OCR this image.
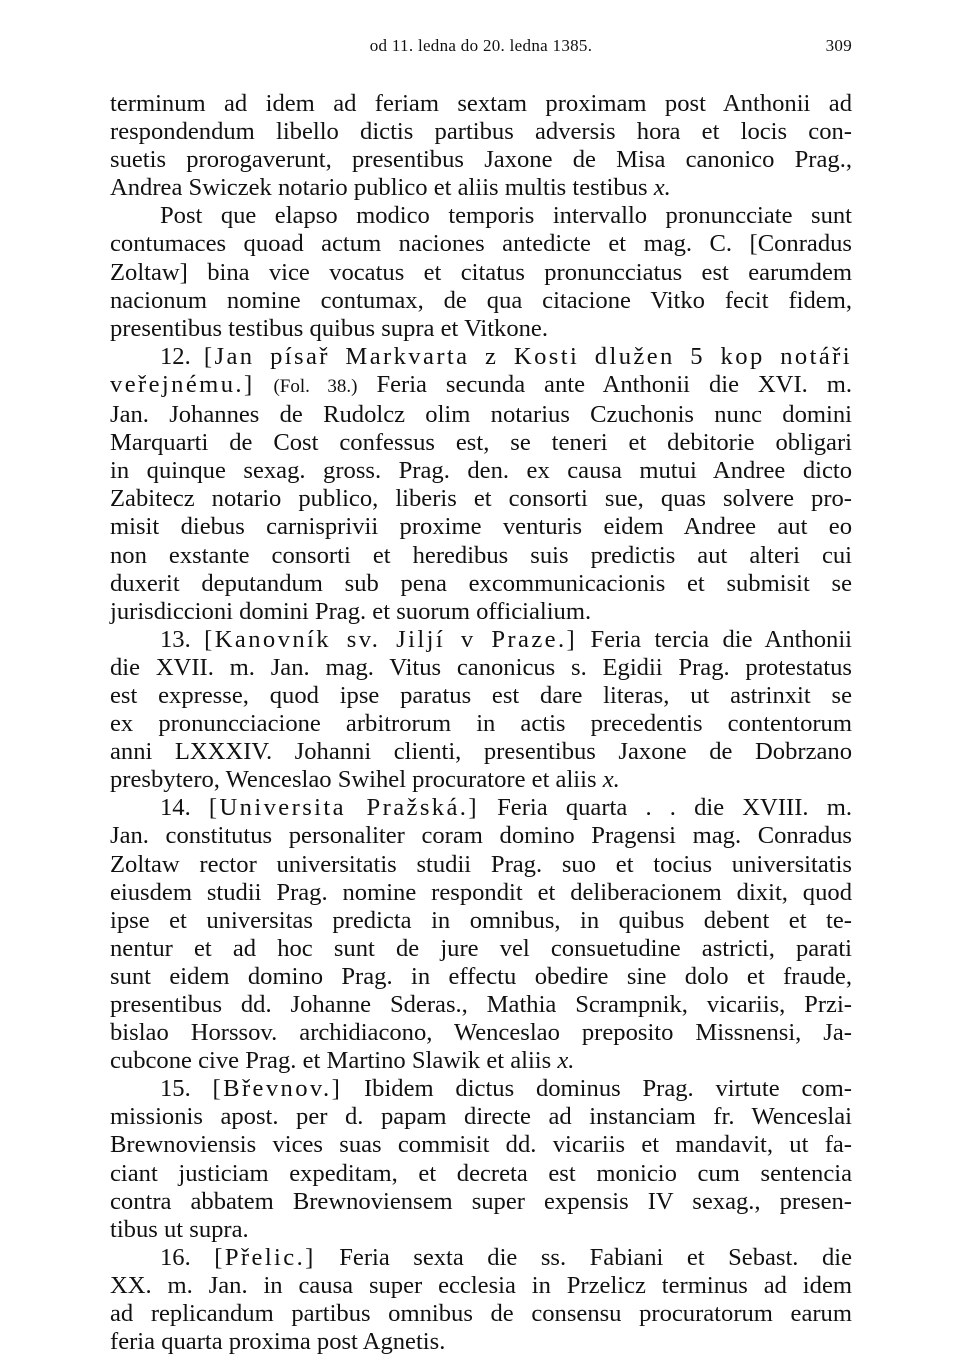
od 11. ledna do 20. ledna 1385.	309
terminum ad idem ad feriam sextam proximam post Anthonii ad
respondendum libello dictis partibus adversis hora et locis con-
suetis prorogaverunt, presentibus Jaxone de Misa canonico Prag.,
Andrea Swiczek notario publico et aliis multis testibus x.
Post que elapso modico temporis intervallo pronuncciate sunt
contumaces quoad actum naciones antedicte et mag. C. [Conradus
Zoltaw] bina vice vocatus et citatus pronuncciatus est earumdem
nacionum nomine contumax, de qua citacione Vitko fecit fidem,
presentibus testibus quibus supra et Vitkone.
12. [Jan písař Markvarta z Kosti dlužen 5 kop notáři
veřejnému.] (Fol. 38.) Feria secunda ante Anthonii die XVI. m.
Jan. Johannes de Rudolcz olim notarius Czuchonis nunc domini
Marquarti de Cost confessus est, se teneri et debitorie obligari
in quinque sexag. gross. Prag. den. ex causa mutui Andree dicto
Zabitecz notario publico, liberis et consorti sue, quas solvere pro-
misit diebus carnisprivii proxime venturis eidem Andree aut eo
non exstante consorti et heredibus suis predictis aut alteri cui
duxerit deputandum sub pena excommunicacionis et submisit se
jurisdiccioni domini Prag. et suorum officialium.
13. [Kanovník sv. Jiljí v Praze.] Feria tercia die Anthonii
die XVII. m. Jan. mag. Vitus canonicus s. Egidii Prag. protestatus
est expresse, quod ipse paratus est dare literas, ut astrinxit se
ex pronuncciacione arbitrorum in actis precedentis contentorum
anni LXXXIV. Johanni clienti, presentibus Jaxone de Dobrzano
presbytero, Wenceslao Swihel procuratore et aliis x.
14. [Universita Pražská.] Feria quarta . . die XVIII. m.
Jan. constitutus personaliter coram domino Pragensi mag. Conradus
Zoltaw rector universitatis studii Prag. suo et tocius universitatis
eiusdem studii Prag. nomine respondit et deliberacionem dixit, quod
ipse et universitas predicta in omnibus, in quibus debent et te-
nentur et ad hoc sunt de jure vel consuetudine astricti, parati
sunt eidem domino Prag. in effectu obedire sine dolo et fraude,
presentibus dd. Johanne Sderas., Mathia Scrampnik, vicariis, Przi-
bislao Horssov. archidiacono, Wenceslao preposito Missnensi, Ja-
cubcone cive Prag. et Martino Slawik et aliis x.
15. [Břevnov.] Ibidem dictus dominus Prag. virtute com-
missionis apost. per d. papam directe ad instanciam fr. Wenceslai
Brewnoviensis vices suas commisit dd. vicariis et mandavit, ut fa-
ciant justiciam expeditam, et decreta est monicio cum sentencia
contra abbatem Brewnoviensem super expensis IV sexag., presen-
tibus ut supra.
16. [Přelic.] Feria sexta die ss. Fabiani et Sebast. die
XX. m. Jan. in causa super ecclesia in Przelicz terminus ad idem
ad replicandum partibus omnibus de consensu procuratorum earum
feria quarta proxima post Agnetis.
